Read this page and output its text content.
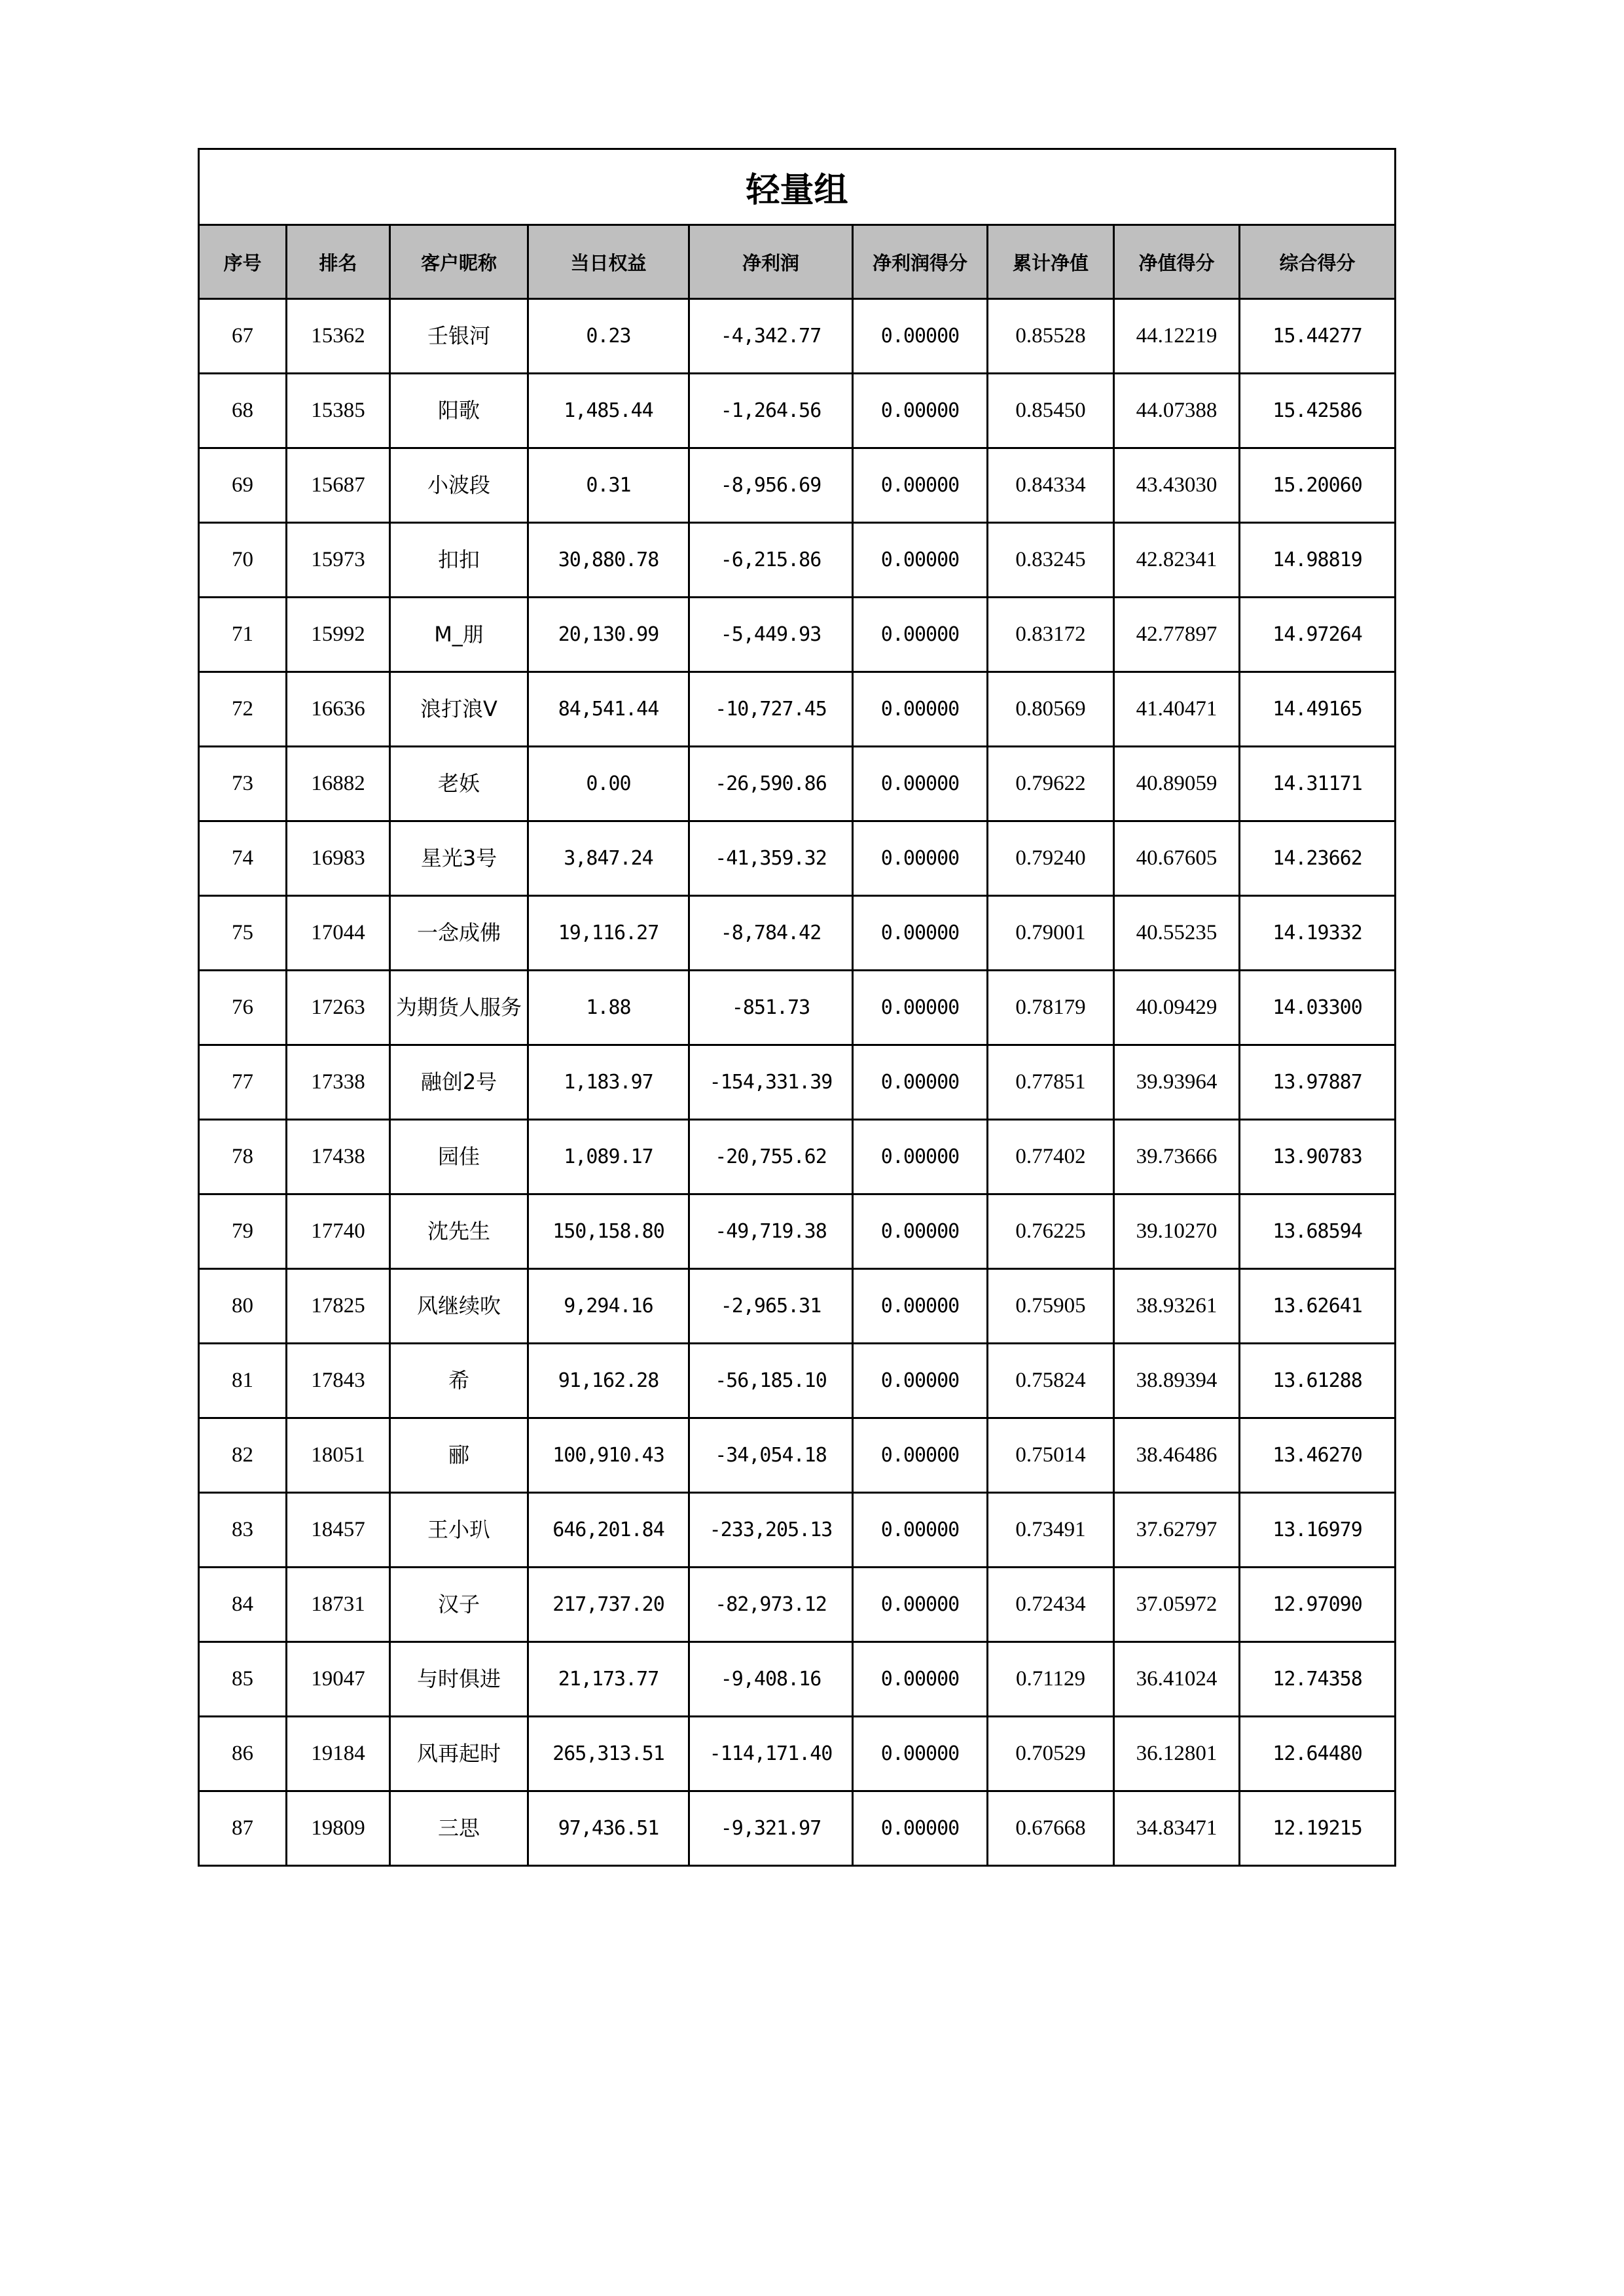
轻量组								
序号	排名	客户昵称	当日权益	净利润	净利润得分	累计净值	净值得分	综合得分
67	15362	壬银河	0.23	-4,342.77	0.00000	0.85528	44.12219	15.44277
68	15385	阳歌	1,485.44	-1,264.56	0.00000	0.85450	44.07388	15.42586
69	15687	小波段	0.31	-8,956.69	0.00000	0.84334	43.43030	15.20060
70	15973	扣扣	30,880.78	-6,215.86	0.00000	0.83245	42.82341	14.98819
71	15992	M_朋	20,130.99	-5,449.93	0.00000	0.83172	42.77897	14.97264
72	16636	浪打浪V	84,541.44	-10,727.45	0.00000	0.80569	41.40471	14.49165
73	16882	老妖	0.00	-26,590.86	0.00000	0.79622	40.89059	14.31171
74	16983	星光3号	3,847.24	-41,359.32	0.00000	0.79240	40.67605	14.23662
75	17044	一念成佛	19,116.27	-8,784.42	0.00000	0.79001	40.55235	14.19332
76	17263	为期货人服务	1.88	-851.73	0.00000	0.78179	40.09429	14.03300
77	17338	融创2号	1,183.97	-154,331.39	0.00000	0.77851	39.93964	13.97887
78	17438	园佳	1,089.17	-20,755.62	0.00000	0.77402	39.73666	13.90783
79	17740	沈先生	150,158.80	-49,719.38	0.00000	0.76225	39.10270	13.68594
80	17825	风继续吹	9,294.16	-2,965.31	0.00000	0.75905	38.93261	13.62641
81	17843	希	91,162.28	-56,185.10	0.00000	0.75824	38.89394	13.61288
82	18051	郦	100,910.43	-34,054.18	0.00000	0.75014	38.46486	13.46270
83	18457	王小玐	646,201.84	-233,205.13	0.00000	0.73491	37.62797	13.16979
84	18731	汉子	217,737.20	-82,973.12	0.00000	0.72434	37.05972	12.97090
85	19047	与时俱进	21,173.77	-9,408.16	0.00000	0.71129	36.41024	12.74358
86	19184	风再起时	265,313.51	-114,171.40	0.00000	0.70529	36.12801	12.64480
87	19809	三思	97,436.51	-9,321.97	0.00000	0.67668	34.83471	12.19215
